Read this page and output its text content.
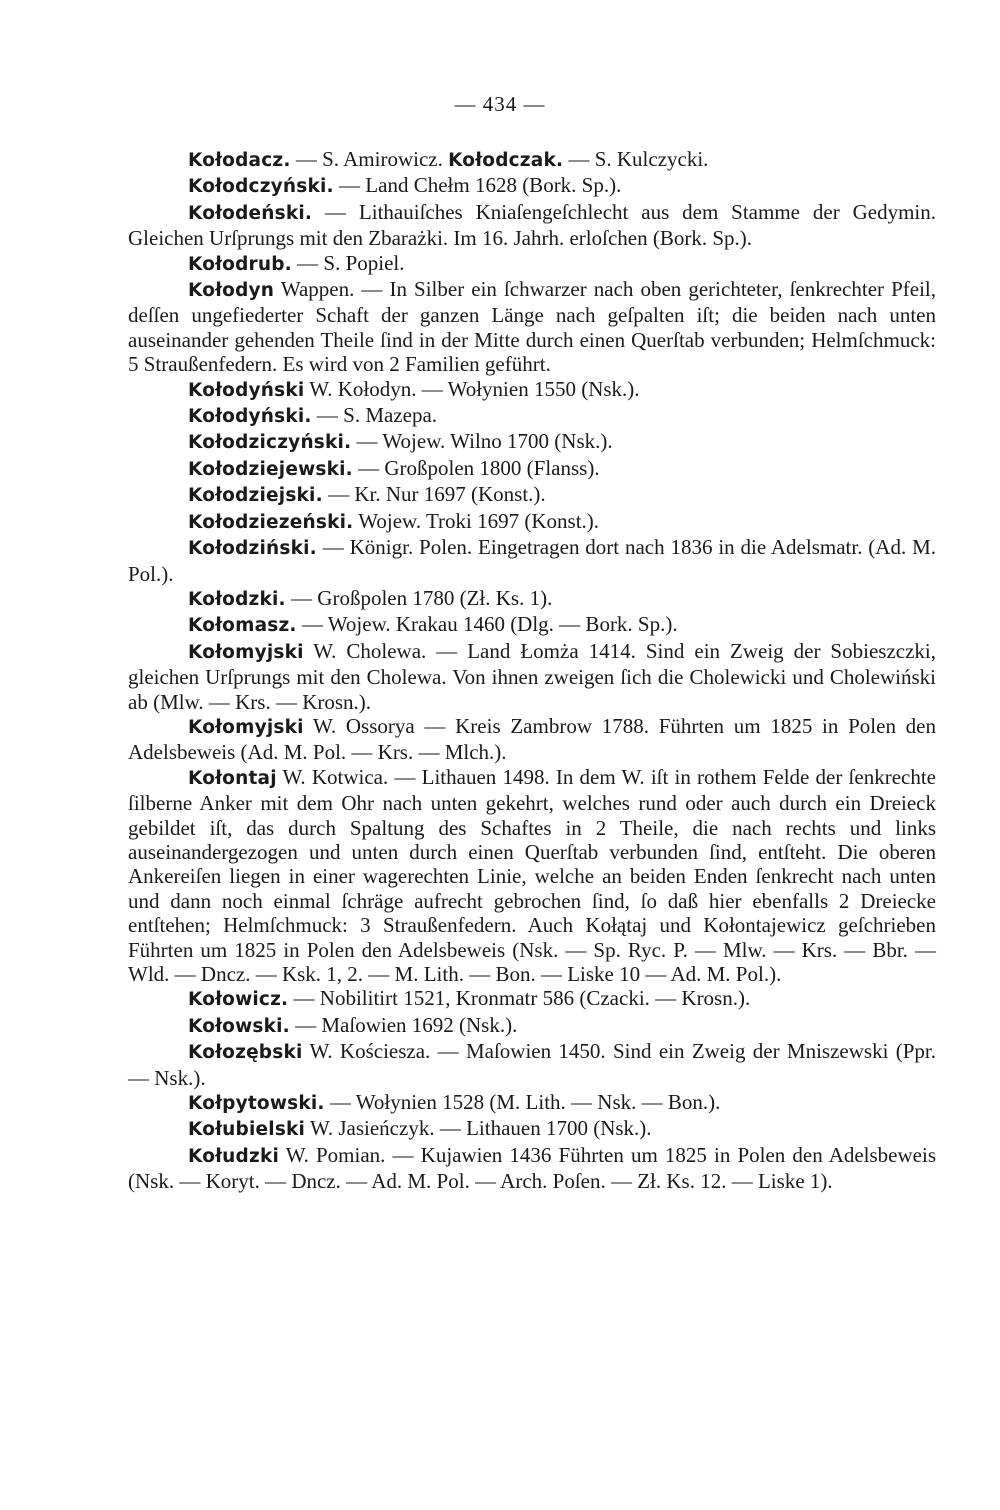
— 434 —

Kołodacz. — S. Amirowicz. Kołodczak. — S. Kulczycki.

Kołodczyński. — Land Chełm 1628 (Bork. Sp.).

Kołodeński. — Lithauiſches Kniaſengeſchlecht aus dem Stamme der Gedymin. Gleichen Urſprungs mit den Zbarażki. Im 16. Jahrh. erloſchen (Bork. Sp.).

Kołodrub. — S. Popiel.

Kołodyn Wappen. — In Silber ein ſchwarzer nach oben gerichteter, ſenkrechter Pfeil, deſſen ungefiederter Schaft der ganzen Länge nach geſpalten iſt; die beiden nach unten auseinander gehenden Theile ſind in der Mitte durch einen Querſtab verbunden; Helmſchmuck: 5 Straußenfedern. Es wird von 2 Familien geführt.

Kołodyński W. Kołodyn. — Wołynien 1550 (Nsk.).

Kołodyński. — S. Mazepa.

Kołodziczyński. — Wojew. Wilno 1700 (Nsk.).

Kołodziejewski. — Großpolen 1800 (Flanss).

Kołodziejski. — Kr. Nur 1697 (Konst.).

Kołodziezeński. Wojew. Troki 1697 (Konst.).

Kołodziński. — Königr. Polen. Eingetragen dort nach 1836 in die Adelsmatr. (Ad. M. Pol.).

Kołodzki. — Großpolen 1780 (Zł. Ks. 1).

Kołomasz. — Wojew. Krakau 1460 (Dlg. — Bork. Sp.).

Kołomyjski W. Cholewa. — Land Łomża 1414. Sind ein Zweig der Sobieszczki, gleichen Urſprungs mit den Cholewa. Von ihnen zweigen ſich die Cholewicki und Cholewiński ab (Mlw. — Krs. — Krosn.).

Kołomyjski W. Ossorya — Kreis Zambrow 1788. Führten um 1825 in Polen den Adelsbeweis (Ad. M. Pol. — Krs. — Mlch.).

Kołontaj W. Kotwica. — Lithauen 1498. In dem W. iſt in rothem Felde der ſenkrechte ſilberne Anker mit dem Ohr nach unten gekehrt, welches rund oder auch durch ein Dreieck gebildet iſt, das durch Spaltung des Schaftes in 2 Theile, die nach rechts und links auseinandergezogen und unten durch einen Querſtab verbunden ſind, entſteht. Die oberen Ankereiſen liegen in einer wagerechten Linie, welche an beiden Enden ſenkrecht nach unten und dann noch einmal ſchräge aufrecht gebrochen ſind, ſo daß hier ebenfalls 2 Dreiecke entſtehen; Helmſchmuck: 3 Straußenfedern. Auch Kołątaj und Kołontajewicz geſchrieben Führten um 1825 in Polen den Adelsbeweis (Nsk. — Sp. Ryc. P. — Mlw. — Krs. — Bbr. — Wld. — Dncz. — Ksk. 1, 2. — M. Lith. — Bon. — Liske 10 — Ad. M. Pol.).

Kołowicz. — Nobilitirt 1521, Kronmatr 586 (Czacki. — Krosn.).

Kołowski. — Maſowien 1692 (Nsk.).

Kołozębski W. Kościesza. — Maſowien 1450. Sind ein Zweig der Mniszewski (Ppr. — Nsk.).

Kołpytowski. — Wołynien 1528 (M. Lith. — Nsk. — Bon.).

Kołubielski W. Jasieńczyk. — Lithauen 1700 (Nsk.).

Kołudzki W. Pomian. — Kujawien 1436 Führten um 1825 in Polen den Adelsbeweis (Nsk. — Koryt. — Dncz. — Ad. M. Pol. — Arch. Poſen. — Zł. Ks. 12. — Liske 1).
